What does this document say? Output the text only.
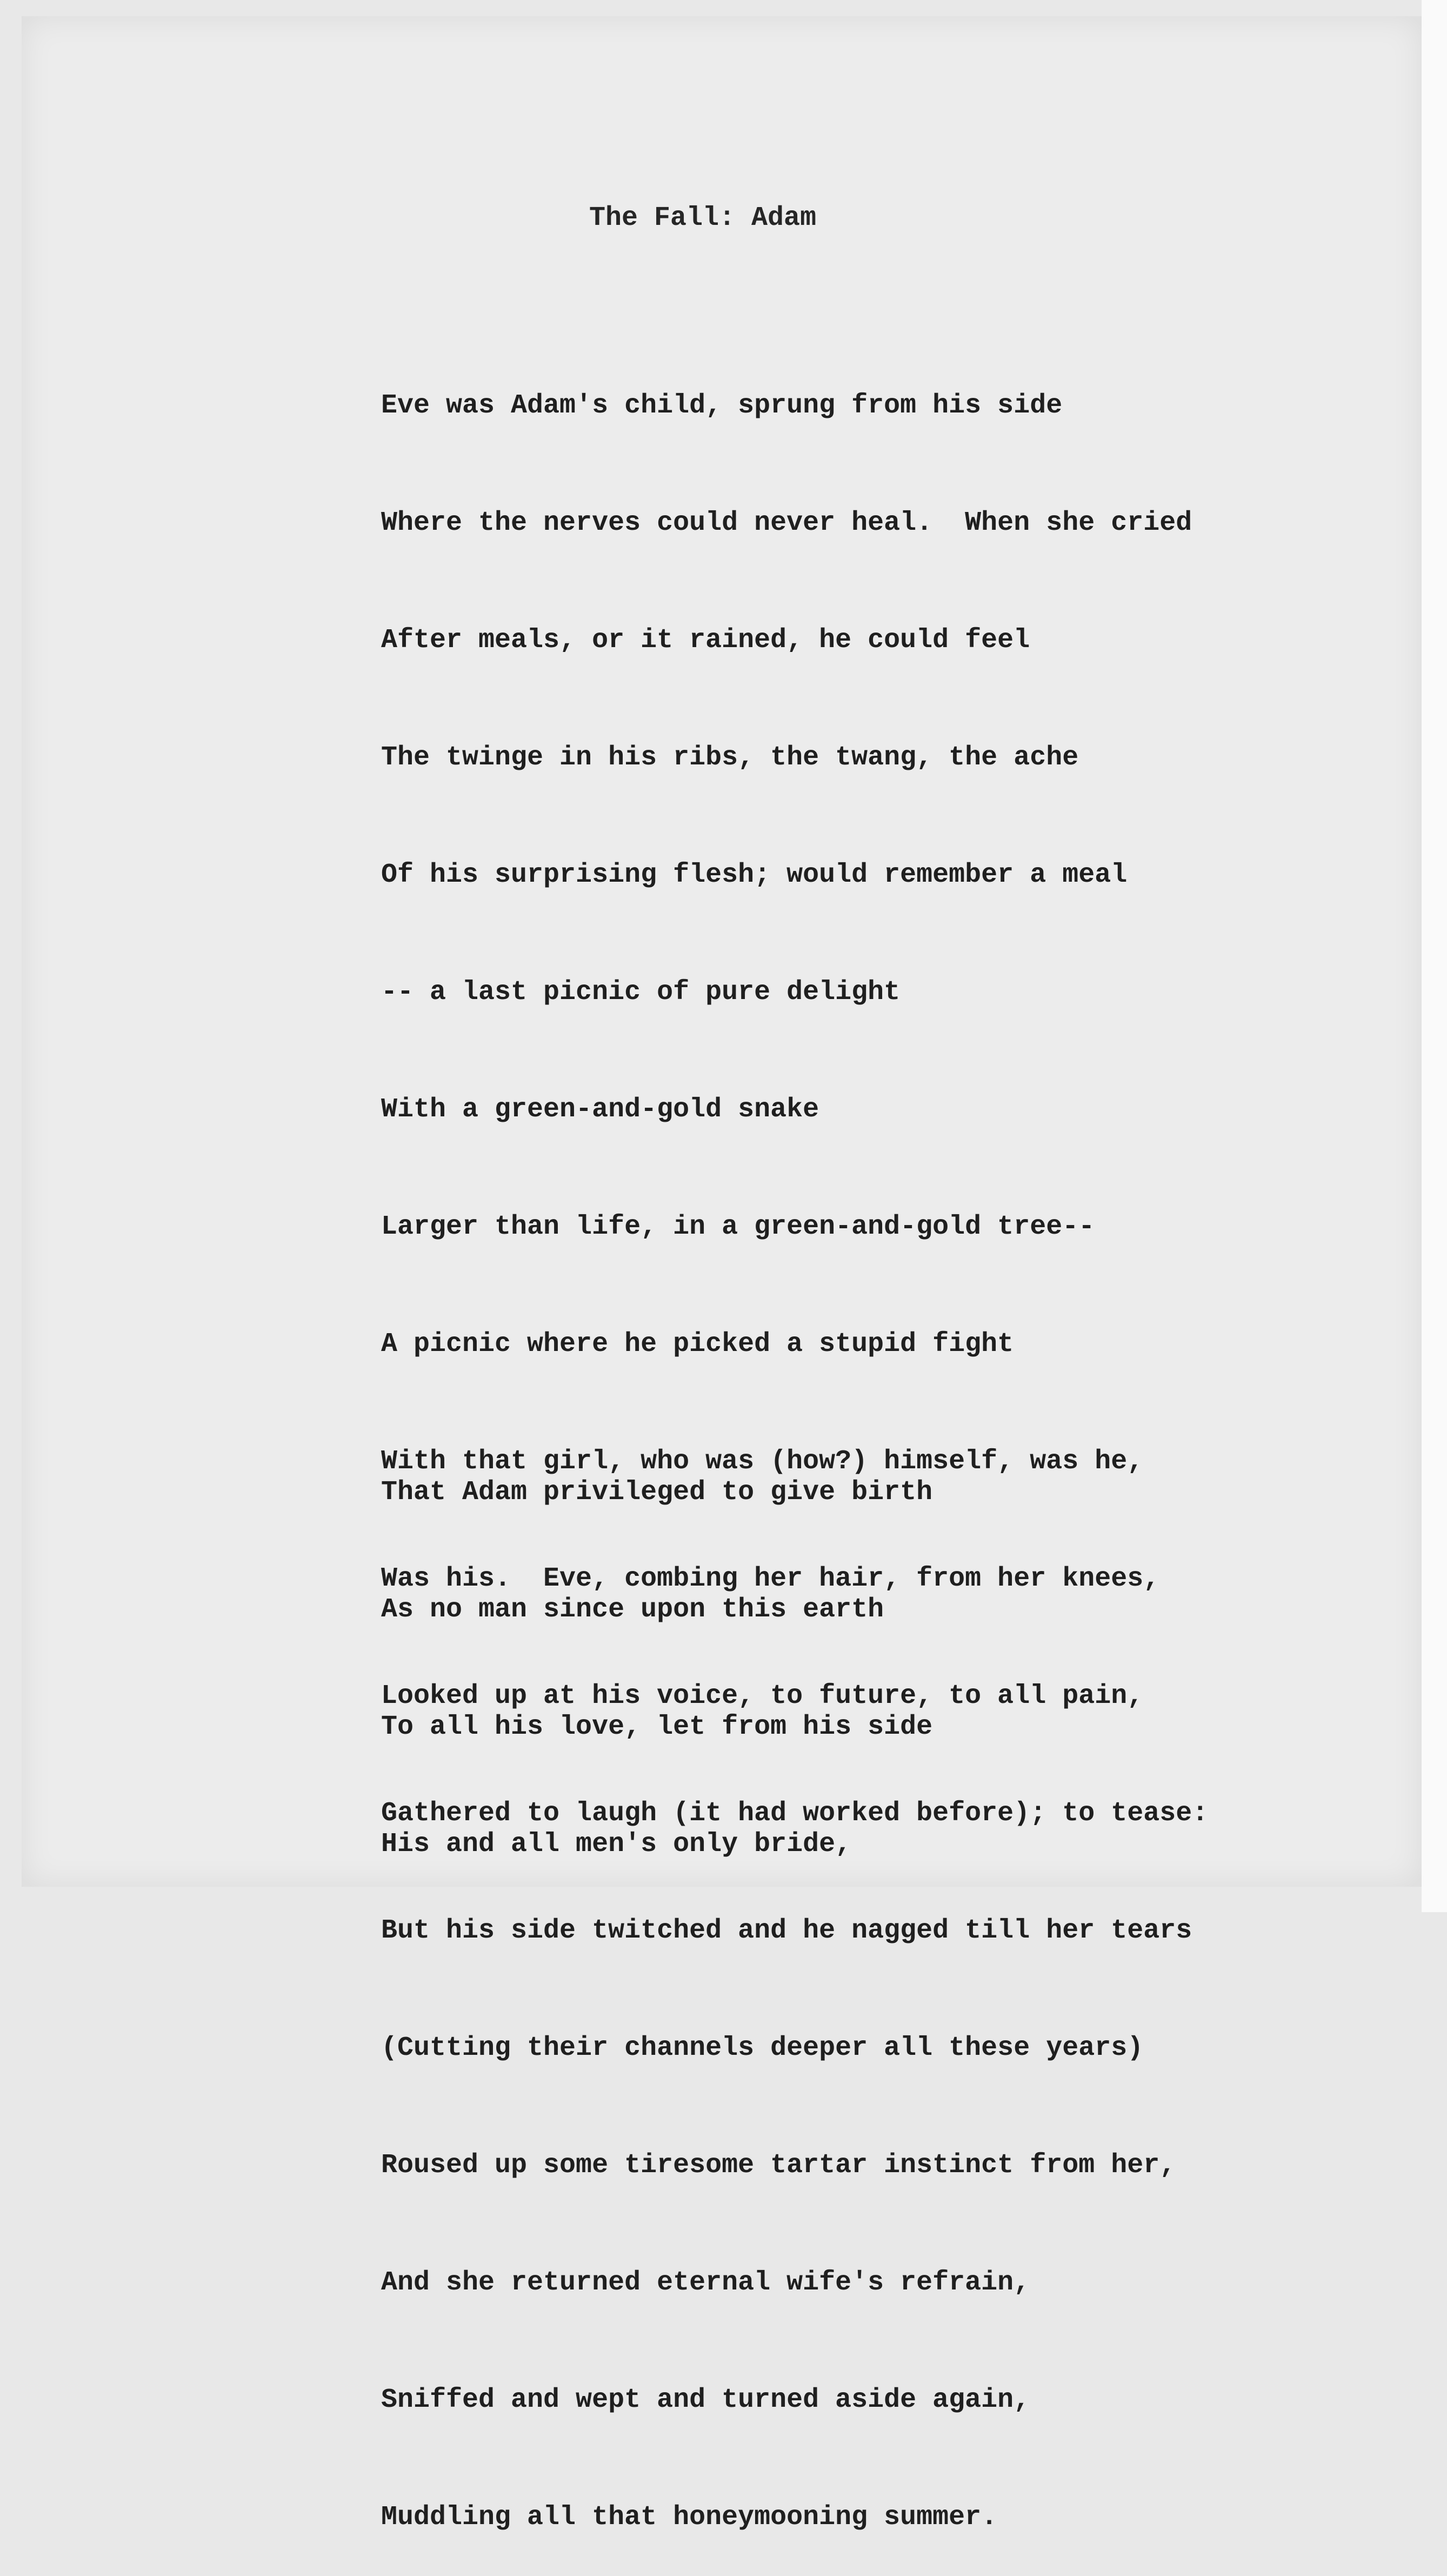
The Fall: Adam

Eve was Adam's child, sprung from his side

Where the nerves could never heal.  When she cried

After meals, or it rained, he could feel

The twinge in his ribs, the twang, the ache

Of his surprising flesh; would remember a meal

-- a last picnic of pure delight

With a green-and-gold snake

Larger than life, in a green-and-gold tree--

A picnic where he picked a stupid fight

With that girl, who was (how?) himself, was he,

Was his.  Eve, combing her hair, from her knees,

Looked up at his voice, to future, to all pain,

Gathered to laugh (it had worked before); to tease:

But his side twitched and he nagged till her tears

(Cutting their channels deeper all these years)

Roused up some tiresome tartar instinct from her,

And she returned eternal wife's refrain,

Sniffed and wept and turned aside again,

Muddling all that honeymooning summer.

That Adam privileged to give birth

As no man since upon this earth

To all his love, let from his side

His and all men's only bride,
